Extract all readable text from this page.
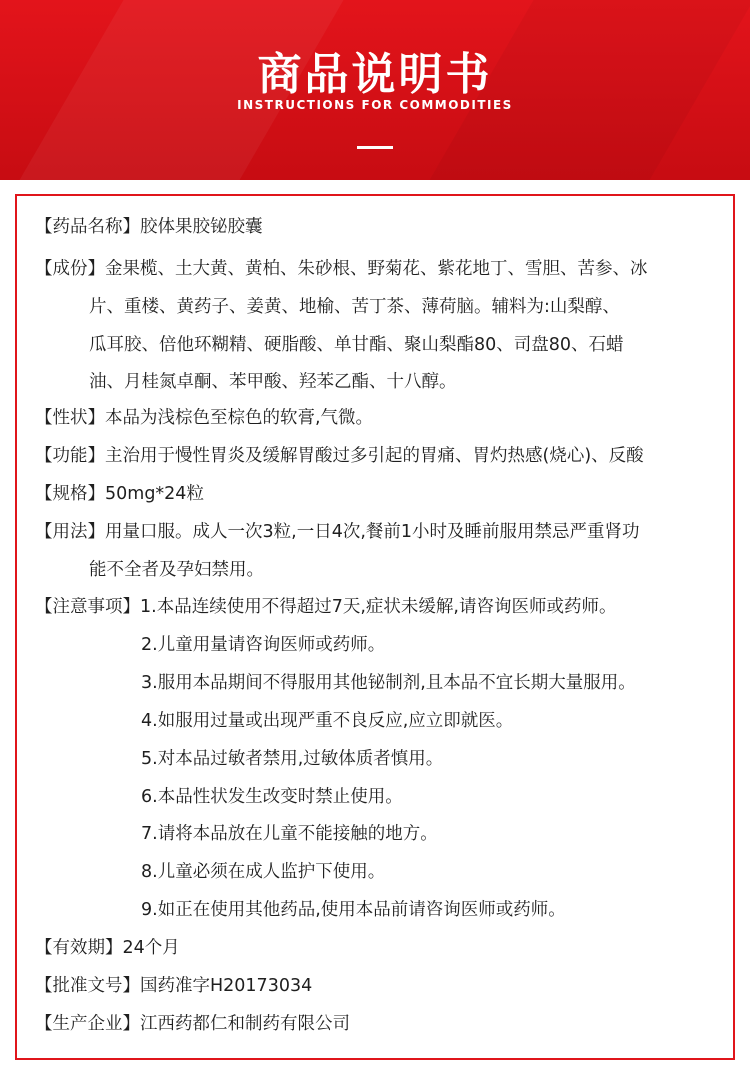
商品说明书
INSTRUCTIONS FOR COMMODITIES
【药品名称】胶体果胶铋胶囊
【成份】金果榄、土大黄、黄柏、朱砂根、野菊花、紫花地丁、雪胆、苦参、冰
片、重楼、黄药子、姜黄、地榆、苦丁茶、薄荷脑。辅料为:山梨醇、
瓜耳胶、倍他环糊精、硬脂酸、单甘酯、聚山梨酯80、司盘80、石蜡
油、月桂氮卓酮、苯甲酸、羟苯乙酯、十八醇。
【性状】本品为浅棕色至棕色的软膏,气微。
【功能】主治用于慢性胃炎及缓解胃酸过多引起的胃痛、胃灼热感(烧心)、反酸
【规格】50mg*24粒
【用法】用量口服。成人一次3粒,一日4次,餐前1小时及睡前服用禁忌严重肾功
能不全者及孕妇禁用。
【注意事项】1.本品连续使用不得超过7天,症状未缓解,请咨询医师或药师。
2.儿童用量请咨询医师或药师。
3.服用本品期间不得服用其他铋制剂,且本品不宜长期大量服用。
4.如服用过量或出现严重不良反应,应立即就医。
5.对本品过敏者禁用,过敏体质者慎用。
6.本品性状发生改变时禁止使用。
7.请将本品放在儿童不能接触的地方。
8.儿童必须在成人监护下使用。
9.如正在使用其他药品,使用本品前请咨询医师或药师。
【有效期】24个月
【批准文号】国药准字H20173034
【生产企业】江西药都仁和制药有限公司
